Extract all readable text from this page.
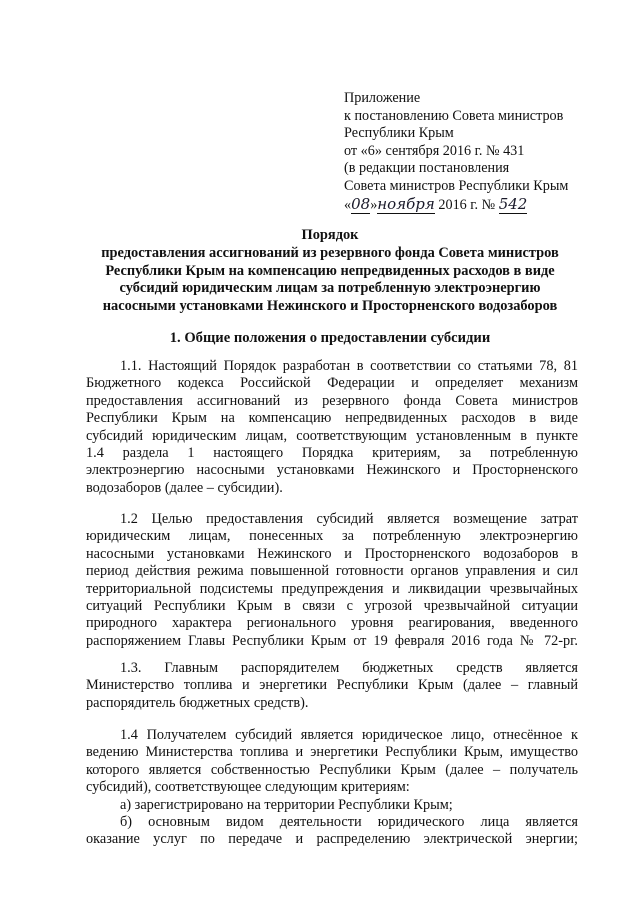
Приложение
к постановлению Совета министров
Республики Крым
от «6» сентября 2016 г. № 431
(в редакции постановления
Совета министров Республики Крым
«08»ноября 2016 г. № 542
Порядок
предоставления ассигнований из резервного фонда Совета министров
Республики Крым на компенсацию непредвиденных расходов в виде
субсидий юридическим лицам за потребленную электроэнергию
насосными установками Нежинского и Просторненского водозаборов
1. Общие положения о предоставлении субсидии
1.1. Настоящий Порядок разработан в соответствии со статьями 78, 81
Бюджетного кодекса Российской Федерации и определяет механизм
предоставления ассигнований из резервного фонда Совета министров
Республики Крым на компенсацию непредвиденных расходов в виде
субсидий юридическим лицам, соответствующим установленным в пункте
1.4 раздела 1 настоящего Порядка критериям, за потребленную
электроэнергию насосными установками Нежинского и Просторненского
водозаборов (далее – субсидии).
1.2 Целью предоставления субсидий является возмещение затрат
юридическим лицам, понесенных за потребленную электроэнергию
насосными установками Нежинского и Просторненского водозаборов в
период действия режима повышенной готовности органов управления и сил
территориальной подсистемы предупреждения и ликвидации чрезвычайных
ситуаций Республики Крым в связи с угрозой чрезвычайной ситуации
природного характера регионального уровня реагирования, введенного
распоряжением Главы Республики Крым от 19 февраля 2016 года № 72-рг.
1.3. Главным распорядителем бюджетных средств является
Министерство топлива и энергетики Республики Крым (далее – главный
распорядитель бюджетных средств).
1.4 Получателем субсидий является юридическое лицо, отнесённое к
ведению Министерства топлива и энергетики Республики Крым, имущество
которого является собственностью Республики Крым (далее – получатель
субсидий), соответствующее следующим критериям:
а) зарегистрировано на территории Республики Крым;
б) основным видом деятельности юридического лица является
оказание услуг по передаче и распределению электрической энергии;
